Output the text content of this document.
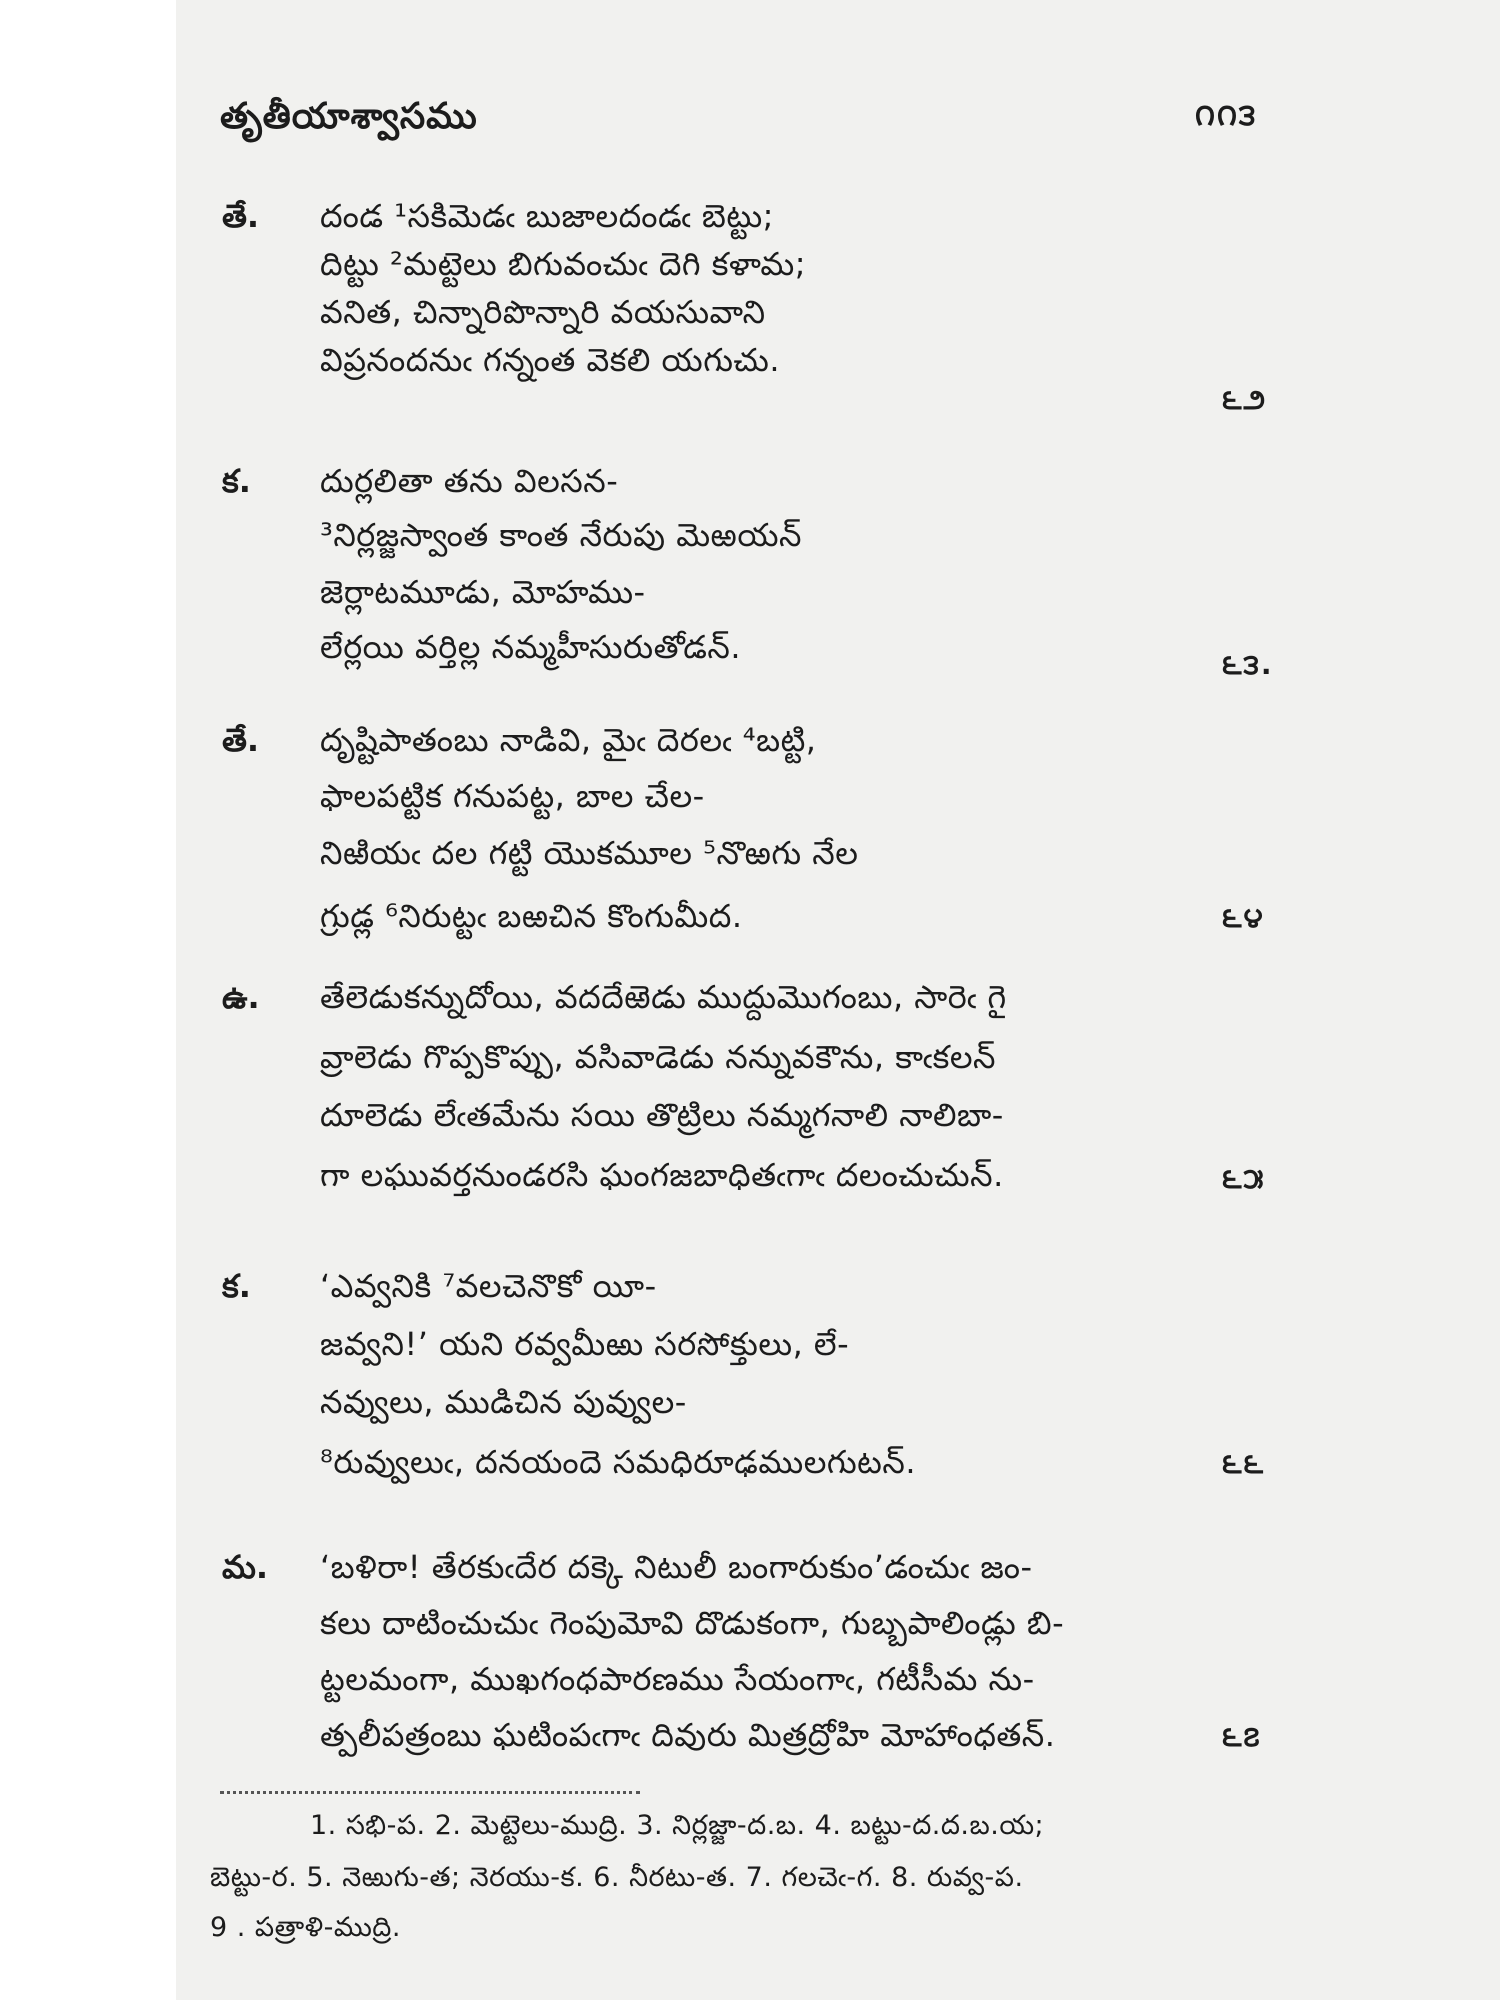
తృతీయాశ్వాసము	౧౧౩
తే. దండ ¹సకిమెడఁ బుజాలదండఁ బెట్టు;
దిట్టు ²మట్టెలు బిగువంచుఁ దెగి కళామ;
వనిత, చిన్నారిపొన్నారి వయసువాని
విప్రనందనుఁ గన్నంత వెకలి యగుచు.
౬౨
క. దుర్లలితా తను విలసన-
³నిర్లజ్జస్వాంత కాంత నేరుపు మెఱయన్
జెర్లాటమూడు, మోహము-
లేర్లయి వర్తిల్ల నమ్మహీసురుతోడన్.	౬౩.
తే. దృష్టిపాతంబు నాడివి, మైఁ దెరలఁ ⁴బట్టి,
ఫాలపట్టిక గనుపట్ట, బాల చేల-
నిఱియఁ దల గట్టి యొకమూల ⁵నొఱగు నేల
గ్రుడ్ల ⁶నిరుట్టఁ బఱచిన కొంగుమీద.	౬౪
ఉ. తేలెడుకన్నుదోయి, వదదేఱెడు ముద్దుమొగంబు, సారెఁ గై
వ్రాలెడు గొప్పకొప్పు, వసివాడెడు నన్నువకౌను, కాఁకలన్
దూలెడు లేఁతమేను సయి తొట్రిలు నమ్మగనాలి నాలిబా-
గా లఘువర్తనుండరసి ఘంగజబాధితఁగాఁ దలంచుచున్.	౬౫
క. ‘ఎవ్వనికి ⁷వలచెనొకో యీ-
జవ్వని!’ యని రవ్వమీఱు సరసోక్తులు, లే-
నవ్వులు, ముడిచిన పువ్వుల-
⁸రువ్వులుఁ, దనయందె సమధిరూఢములగుటన్.	౬౬
మ. ‘బళిరా! తేరకుఁదేర దక్కె నిటులీ బంగారుకుం’డంచుఁ జం-
కలు దాటించుచుఁ గెంపుమోవి దొడుకంగా, గుబ్బపాలిండ్లు బి-
ట్టలమంగా, ముఖగంధపారణము సేయంగాఁ, గటీసీమ ను-
త్పలీపత్రంబు ఘటింపఁగాఁ దివురు మిత్రద్రోహి మోహాంధతన్.	౬౭
1. సభి-ప. 2. మెట్టెలు-ముద్రి. 3. నిర్లజ్జా-ద.బ. 4. బట్టు-ద.ద.బ.య;
బెట్టు-ర. 5. నెఱుగు-త; నెరయు-క. 6. నీరటు-త. 7. గలచెఁ-గ. 8. రువ్వ-ప.
9 . పత్రాళి-ముద్రి.
